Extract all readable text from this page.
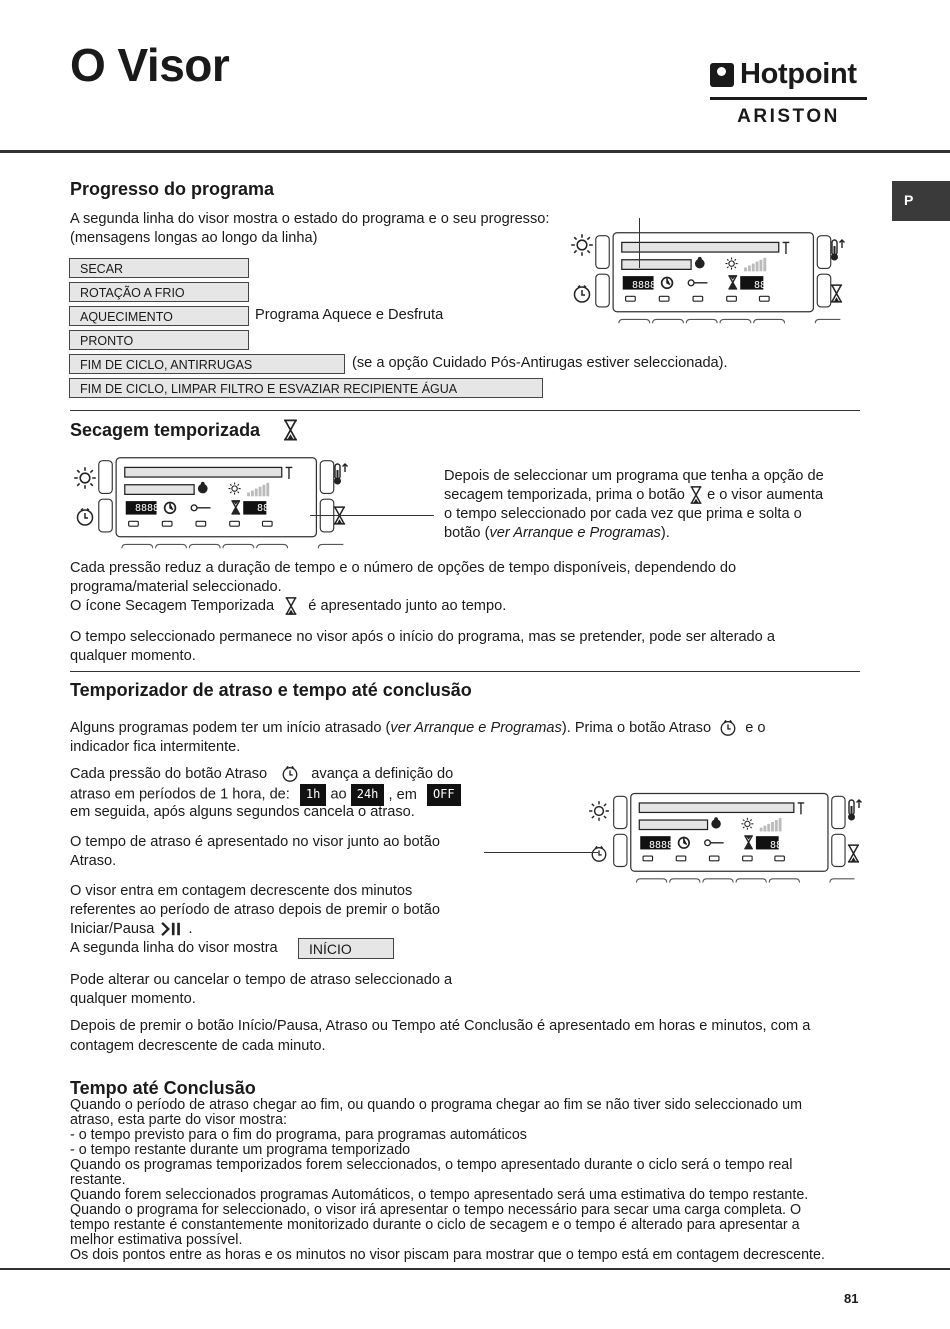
O Visor	Hotpoint
ARISTON
P
Progresso do programa

A segunda linha do visor mostra o estado do programa e o seu progresso:

(mensagens longas ao longo da linha)

SECAR
ROTAÇÃO A FRIO
AQUECIMENTO	Programa Aquece e Desfruta

PRONTO
FIM DE CICLO, ANTIRRUGAS	(se a opção Cuidado Pós-Antirugas estiver seleccionada).

FIM DE CICLO, LIMPAR FILTRO E ESVAZIAR RECIPIENTE ÁGUA
8888	888
Secagem temporizada
8888	888

Depois de seleccionar um programa que tenha a opção de

secagem temporizada, prima o botão e o visor aumenta

o tempo seleccionado por cada vez que prima e solta o

botão (ver Arranque e Programas).

Cada pressão reduz a duração de tempo e o número de opções de tempo disponíveis, dependendo do

programa/material seleccionado.

O ícone Secagem Temporizada é apresentado junto ao tempo.

O tempo seleccionado permanece no visor após o início do programa, mas se pretender, pode ser alterado a

qualquer momento.

Temporizador de atraso e tempo até conclusão

Alguns programas podem ter um início atrasado (ver Arranque e Programas). Prima o botão Atraso e o

indicador fica intermitente.

Cada pressão do botão Atraso	avança a definição do

atraso em períodos de 1 hora, de: 1h ao 24h , em OFF

em seguida, após alguns segundos cancela o atraso.

O tempo de atraso é apresentado no visor junto ao botão

Atraso.

O visor entra em contagem decrescente dos minutos

referentes ao período de atraso depois de premir o botão

Iniciar/Pausa .

A segunda linha do visor mostra	INÍCIO

Pode alterar ou cancelar o tempo de atraso seleccionado a

qualquer momento.

Depois de premir o botão Início/Pausa, Atraso ou Tempo até Conclusão é apresentado em horas e minutos, com a

contagem decrescente de cada minuto.

8888	888
Tempo até Conclusão
Quando o período de atraso chegar ao fim, ou quando o programa chegar ao fim se não tiver sido seleccionado um
atraso, esta parte do visor mostra:
- o tempo previsto para o fim do programa, para programas automáticos
- o tempo restante durante um programa temporizado
Quando os programas temporizados forem seleccionados, o tempo apresentado durante o ciclo será o tempo real
restante.
Quando forem seleccionados programas Automáticos, o tempo apresentado será uma estimativa do tempo restante.
Quando o programa for seleccionado, o visor irá apresentar o tempo necessário para secar uma carga completa. O
tempo restante é constantemente monitorizado durante o ciclo de secagem e o tempo é alterado para apresentar a
melhor estimativa possível.
Os dois pontos entre as horas e os minutos no visor piscam para mostrar que o tempo está em contagem decrescente.
81
